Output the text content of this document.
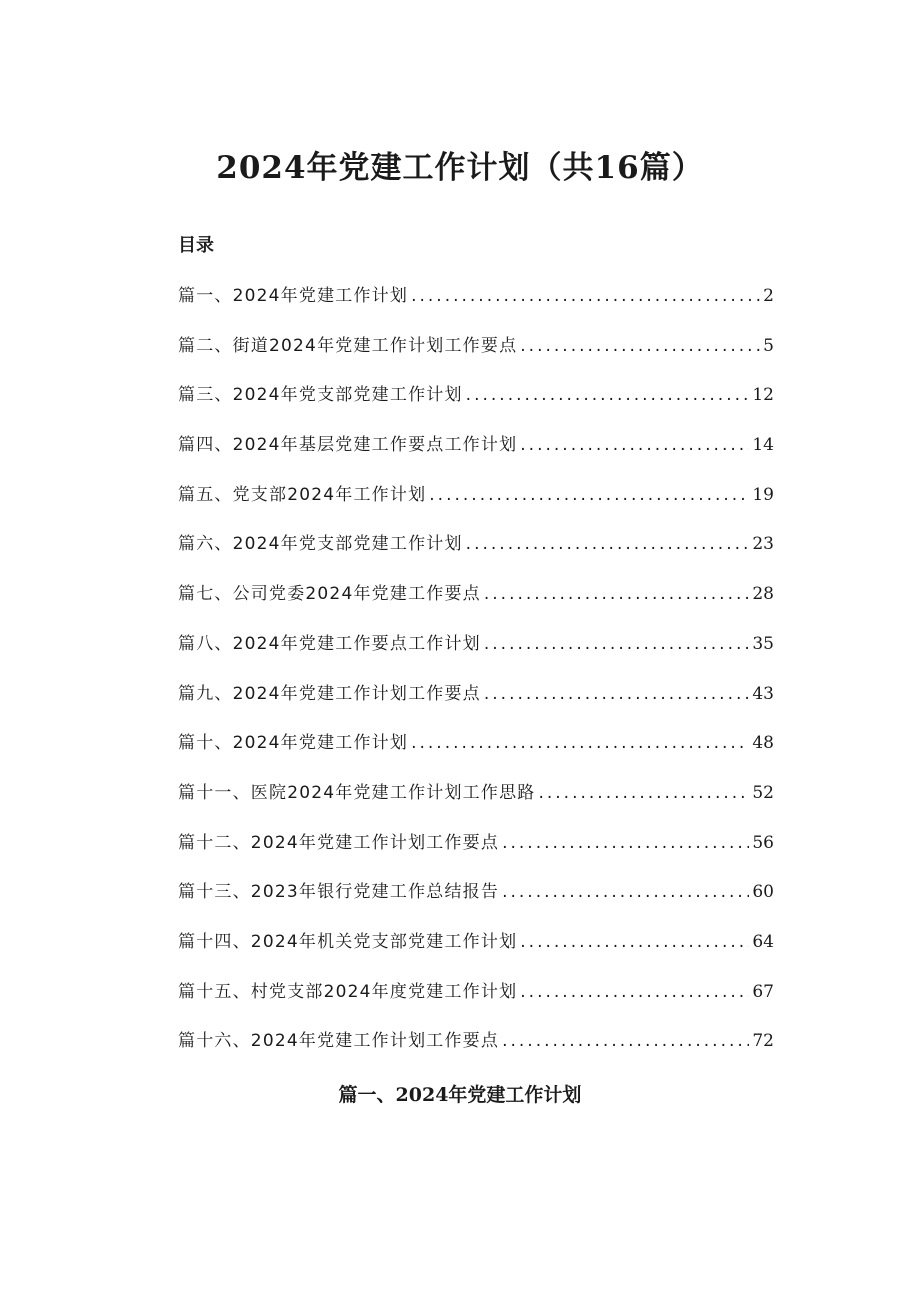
2024年党建工作计划（共16篇）
目录
篇一、2024年党建工作计划 .....	2
篇二、街道2024年党建工作计划工作要点 .....	5
篇三、2024年党支部党建工作计划 .....	12
篇四、2024年基层党建工作要点工作计划 .....	14
篇五、党支部2024年工作计划 .....	19
篇六、2024年党支部党建工作计划 .....	23
篇七、公司党委2024年党建工作要点 .....	28
篇八、2024年党建工作要点工作计划 .....	35
篇九、2024年党建工作计划工作要点 .....	43
篇十、2024年党建工作计划 .....	48
篇十一、医院2024年党建工作计划工作思路 .....	52
篇十二、2024年党建工作计划工作要点 .....	56
篇十三、2023年银行党建工作总结报告 .....	60
篇十四、2024年机关党支部党建工作计划 .....	64
篇十五、村党支部2024年度党建工作计划 .....	67
篇十六、2024年党建工作计划工作要点 .....	72
篇一、2024年党建工作计划
